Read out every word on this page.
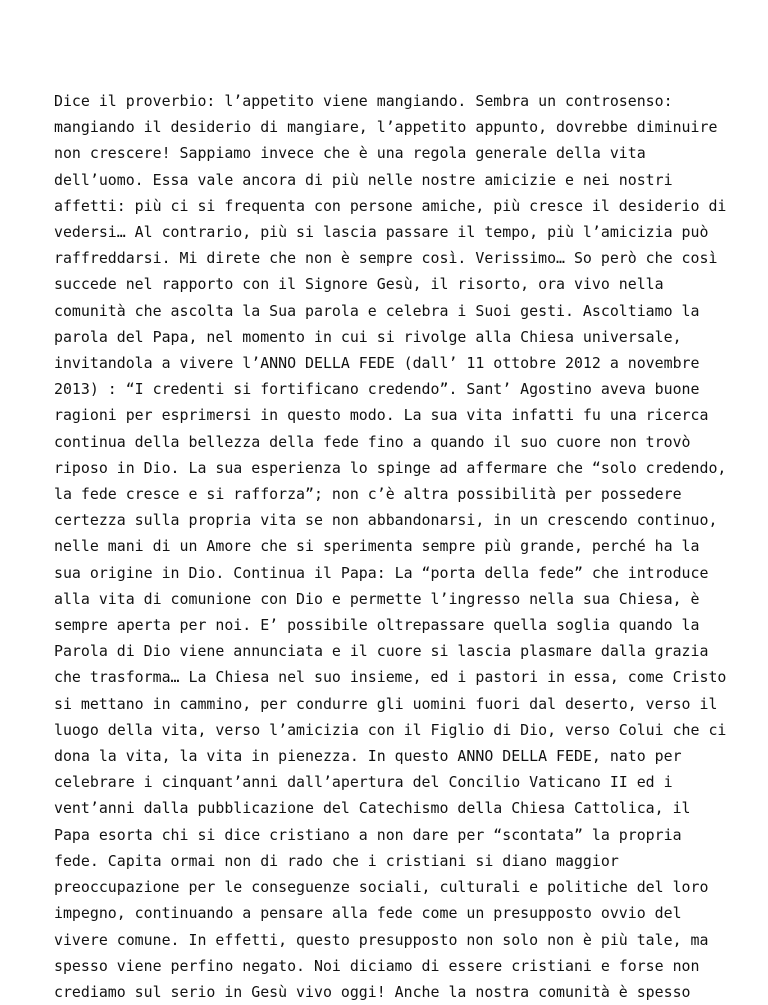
Dice il proverbio: l’appetito viene mangiando. Sembra un controsenso:
mangiando il desiderio di mangiare, l’appetito appunto, dovrebbe diminuire
non crescere! Sappiamo invece che è una regola generale della vita
dell’uomo. Essa vale ancora di più nelle nostre amicizie e nei nostri
affetti: più ci si frequenta con persone amiche, più cresce il desiderio di
vedersi… Al contrario, più si lascia passare il tempo, più l’amicizia può
raffreddarsi. Mi direte che non è sempre così. Verissimo… So però che così
succede nel rapporto con il Signore Gesù, il risorto, ora vivo nella
comunità che ascolta la Sua parola e celebra i Suoi gesti. Ascoltiamo la
parola del Papa, nel momento in cui si rivolge alla Chiesa universale,
invitandola a vivere l’ANNO DELLA FEDE (dall’ 11 ottobre 2012 a novembre
2013) : “I credenti si fortificano credendo”. Sant’ Agostino aveva buone
ragioni per esprimersi in questo modo. La sua vita infatti fu una ricerca
continua della bellezza della fede fino a quando il suo cuore non trovò
riposo in Dio. La sua esperienza lo spinge ad affermare che “solo credendo,
la fede cresce e si rafforza”; non c’è altra possibilità per possedere
certezza sulla propria vita se non abbandonarsi, in un crescendo continuo,
nelle mani di un Amore che si sperimenta sempre più grande, perché ha la
sua origine in Dio. Continua il Papa: La “porta della fede” che introduce
alla vita di comunione con Dio e permette l’ingresso nella sua Chiesa, è
sempre aperta per noi. E’ possibile oltrepassare quella soglia quando la
Parola di Dio viene annunciata e il cuore si lascia plasmare dalla grazia
che trasforma… La Chiesa nel suo insieme, ed i pastori in essa, come Cristo
si mettano in cammino, per condurre gli uomini fuori dal deserto, verso il
luogo della vita, verso l’amicizia con il Figlio di Dio, verso Colui che ci
dona la vita, la vita in pienezza. In questo ANNO DELLA FEDE, nato per
celebrare i cinquant’anni dall’apertura del Concilio Vaticano II ed i
vent’anni dalla pubblicazione del Catechismo della Chiesa Cattolica, il
Papa esorta chi si dice cristiano a non dare per “scontata” la propria
fede. Capita ormai non di rado che i cristiani si diano maggior
preoccupazione per le conseguenze sociali, culturali e politiche del loro
impegno, continuando a pensare alla fede come un presupposto ovvio del
vivere comune. In effetti, questo presupposto non solo non è più tale, ma
spesso viene perfino negato. Noi diciamo di essere cristiani e forse non
crediamo sul serio in Gesù vivo oggi! Anche la nostra comunità è spesso
